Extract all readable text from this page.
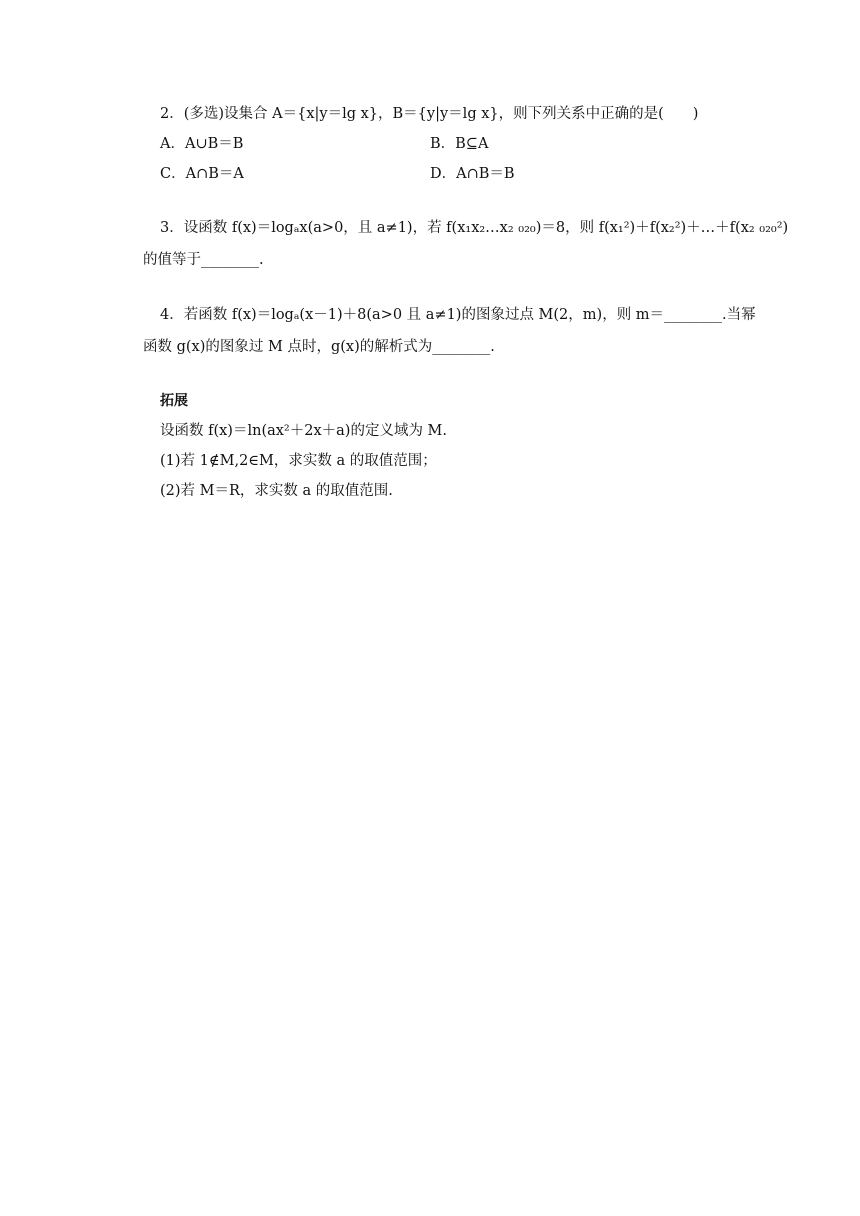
2．(多选)设集合 A＝{x|y＝lg x}，B＝{y|y＝lg x}，则下列关系中正确的是(　　)
A．A∪B＝B	B．B⊆A
C．A∩B＝A	D．A∩B＝B
3．设函数 f(x)＝logₐx(a>0，且 a≠1)，若 f(x₁x₂…x₂ ₀₂₀)＝8，则 f(x₁²)＋f(x₂²)＋…＋f(x₂ ₀₂₀²)
的值等于________.
4．若函数 f(x)＝logₐ(x－1)＋8(a>0 且 a≠1)的图象过点 M(2，m)，则 m＝________.当幂
函数 g(x)的图象过 M 点时，g(x)的解析式为________.
拓展
设函数 f(x)＝ln(ax²＋2x＋a)的定义域为 M.
(1)若 1∉M,2∈M，求实数 a 的取值范围；
(2)若 M＝R，求实数 a 的取值范围.
